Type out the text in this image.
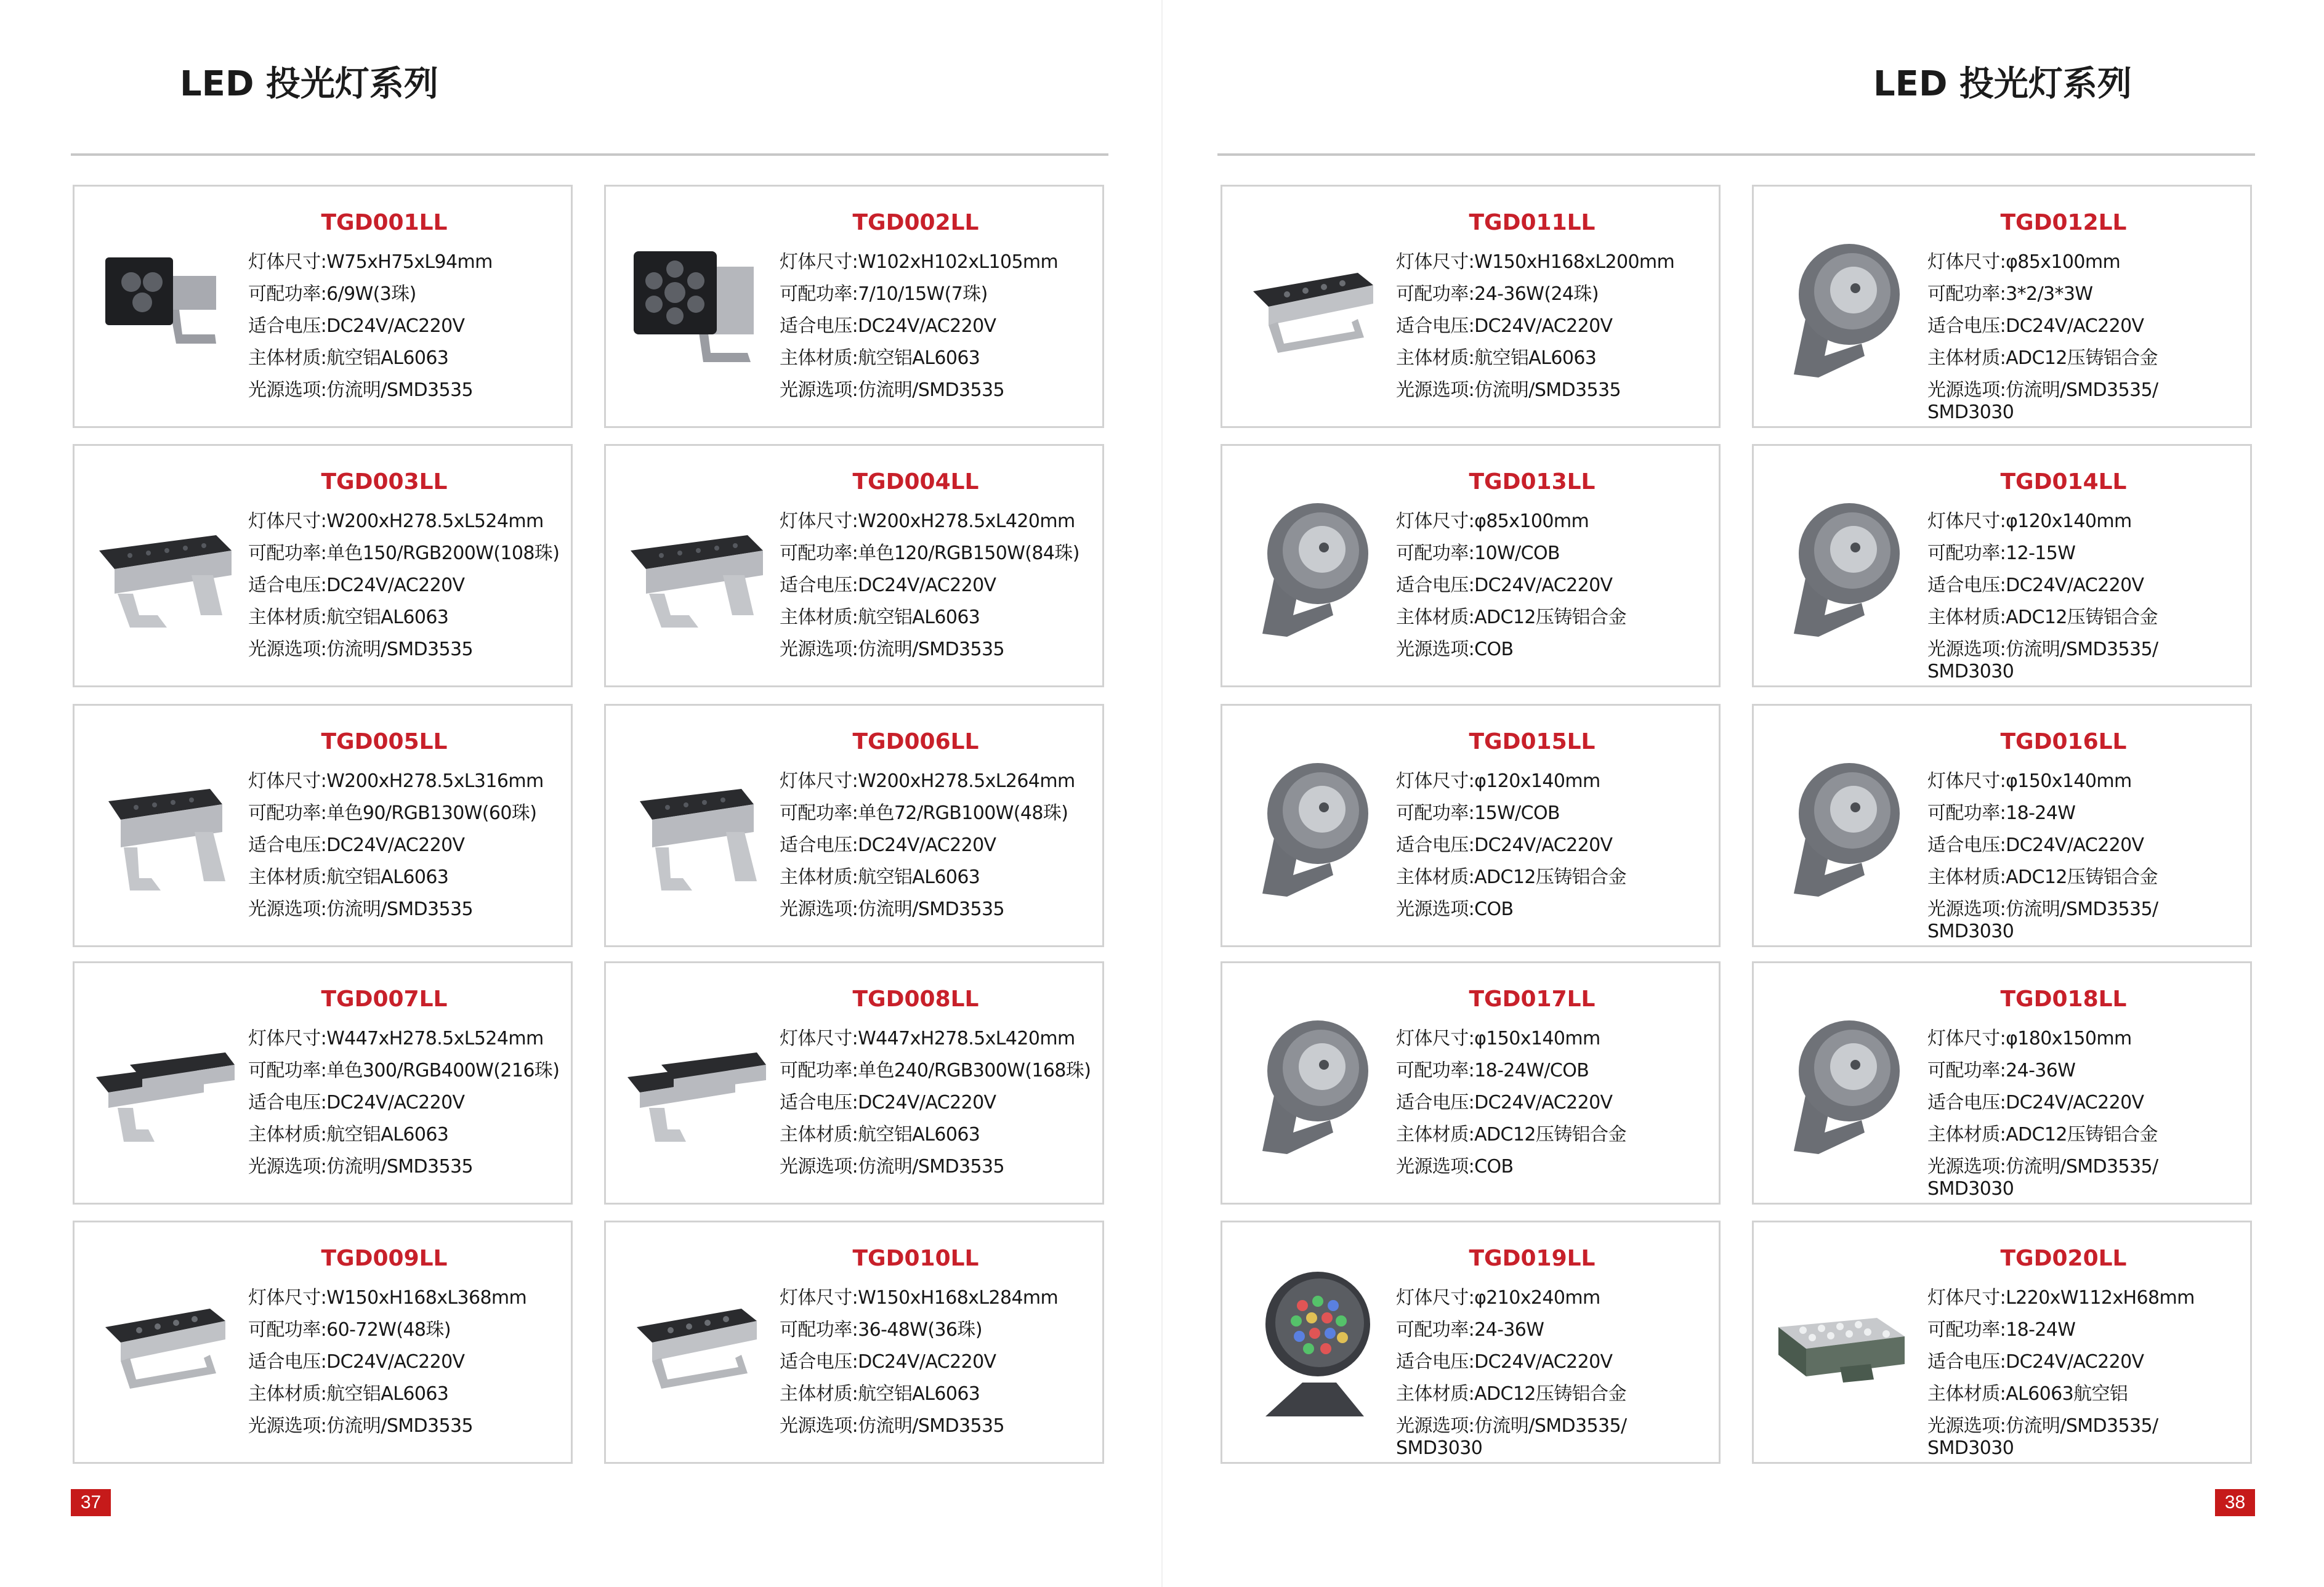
LED 投光灯系列
37
LED 投光灯系列
38
TGD001LL
灯体尺寸:W75xH75xL94mm
可配功率:6/9W(3珠)
适合电压:DC24V/AC220V
主体材质:航空铝AL6063
光源选项:仿流明/SMD3535
TGD002LL
灯体尺寸:W102xH102xL105mm
可配功率:7/10/15W(7珠)
适合电压:DC24V/AC220V
主体材质:航空铝AL6063
光源选项:仿流明/SMD3535
TGD003LL
灯体尺寸:W200xH278.5xL524mm
可配功率:单色150/RGB200W(108珠)
适合电压:DC24V/AC220V
主体材质:航空铝AL6063
光源选项:仿流明/SMD3535
TGD004LL
灯体尺寸:W200xH278.5xL420mm
可配功率:单色120/RGB150W(84珠)
适合电压:DC24V/AC220V
主体材质:航空铝AL6063
光源选项:仿流明/SMD3535
TGD005LL
灯体尺寸:W200xH278.5xL316mm
可配功率:单色90/RGB130W(60珠)
适合电压:DC24V/AC220V
主体材质:航空铝AL6063
光源选项:仿流明/SMD3535
TGD006LL
灯体尺寸:W200xH278.5xL264mm
可配功率:单色72/RGB100W(48珠)
适合电压:DC24V/AC220V
主体材质:航空铝AL6063
光源选项:仿流明/SMD3535
TGD007LL
灯体尺寸:W447xH278.5xL524mm
可配功率:单色300/RGB400W(216珠)
适合电压:DC24V/AC220V
主体材质:航空铝AL6063
光源选项:仿流明/SMD3535
TGD008LL
灯体尺寸:W447xH278.5xL420mm
可配功率:单色240/RGB300W(168珠)
适合电压:DC24V/AC220V
主体材质:航空铝AL6063
光源选项:仿流明/SMD3535
TGD009LL
灯体尺寸:W150xH168xL368mm
可配功率:60-72W(48珠)
适合电压:DC24V/AC220V
主体材质:航空铝AL6063
光源选项:仿流明/SMD3535
TGD010LL
灯体尺寸:W150xH168xL284mm
可配功率:36-48W(36珠)
适合电压:DC24V/AC220V
主体材质:航空铝AL6063
光源选项:仿流明/SMD3535
TGD011LL
灯体尺寸:W150xH168xL200mm
可配功率:24-36W(24珠)
适合电压:DC24V/AC220V
主体材质:航空铝AL6063
光源选项:仿流明/SMD3535
TGD012LL
灯体尺寸:φ85x100mm
可配功率:3*2/3*3W
适合电压:DC24V/AC220V
主体材质:ADC12压铸铝合金
光源选项:仿流明/SMD3535/ SMD3030
TGD013LL
灯体尺寸:φ85x100mm
可配功率:10W/COB
适合电压:DC24V/AC220V
主体材质:ADC12压铸铝合金
光源选项:COB
TGD014LL
灯体尺寸:φ120x140mm
可配功率:12-15W
适合电压:DC24V/AC220V
主体材质:ADC12压铸铝合金
光源选项:仿流明/SMD3535/ SMD3030
TGD015LL
灯体尺寸:φ120x140mm
可配功率:15W/COB
适合电压:DC24V/AC220V
主体材质:ADC12压铸铝合金
光源选项:COB
TGD016LL
灯体尺寸:φ150x140mm
可配功率:18-24W
适合电压:DC24V/AC220V
主体材质:ADC12压铸铝合金
光源选项:仿流明/SMD3535/ SMD3030
TGD017LL
灯体尺寸:φ150x140mm
可配功率:18-24W/COB
适合电压:DC24V/AC220V
主体材质:ADC12压铸铝合金
光源选项:COB
TGD018LL
灯体尺寸:φ180x150mm
可配功率:24-36W
适合电压:DC24V/AC220V
主体材质:ADC12压铸铝合金
光源选项:仿流明/SMD3535/ SMD3030
TGD019LL
灯体尺寸:φ210x240mm
可配功率:24-36W
适合电压:DC24V/AC220V
主体材质:ADC12压铸铝合金
光源选项:仿流明/SMD3535/ SMD3030
TGD020LL
灯体尺寸:L220xW112xH68mm
可配功率:18-24W
适合电压:DC24V/AC220V
主体材质:AL6063航空铝
光源选项:仿流明/SMD3535/ SMD3030
